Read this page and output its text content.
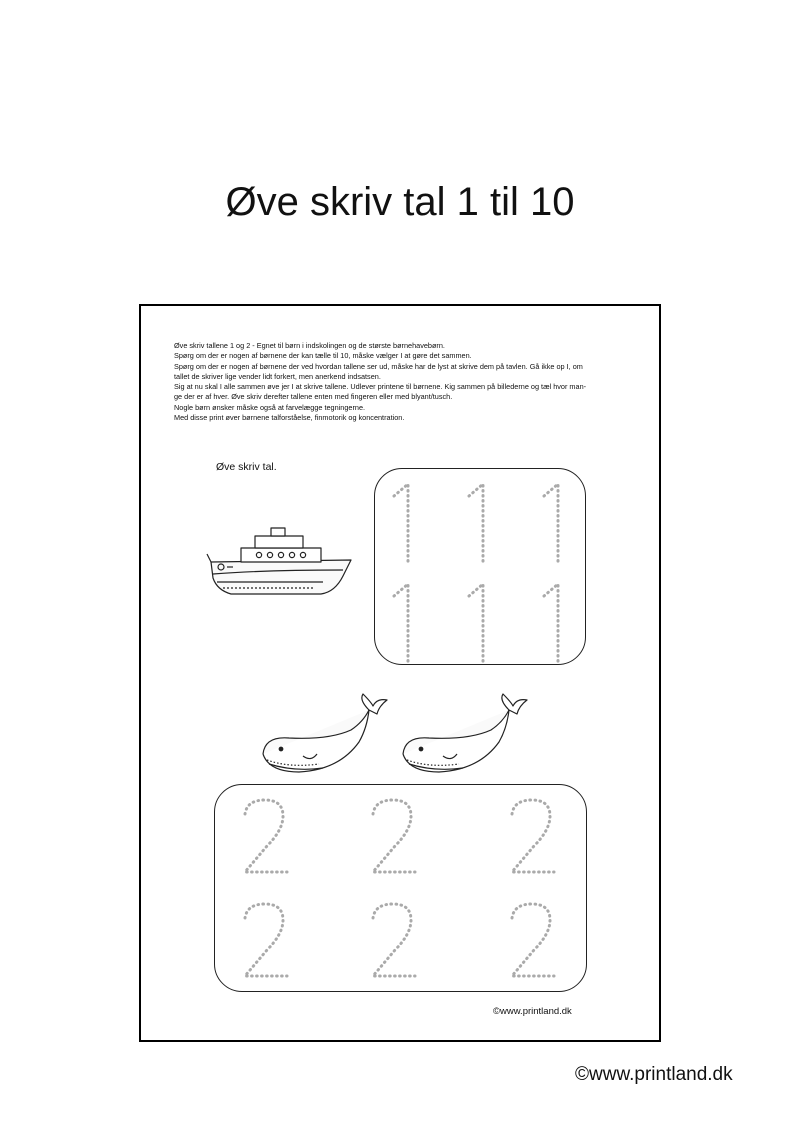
Øve skriv tal 1 til 10
Øve skriv tallene 1 og 2 - Egnet til børn i indskolingen og de største børnehavebørn.
Spørg om der er nogen af børnene der kan tælle til 10, måske vælger I at gøre det sammen.
Spørg om der er nogen af børnene der ved hvordan tallene ser ud, måske har de lyst at skrive dem på tavlen. Gå ikke op I, om
tallet de skriver lige vender lidt forkert, men anerkend indsatsen.
Sig at nu skal I alle sammen øve jer I at skrive tallene. Udlever printene til børnene. Kig sammen på billederne og tæl hvor man-
ge der er af hver. Øve skriv derefter tallene enten med fingeren eller med blyant/tusch.
Nogle børn ønsker måske også at farvelægge tegningerne.
Med disse print øver børnene talforståelse, finmotorik og koncentration.
Øve skriv tal.
©www.printland.dk
©www.printland.dk
